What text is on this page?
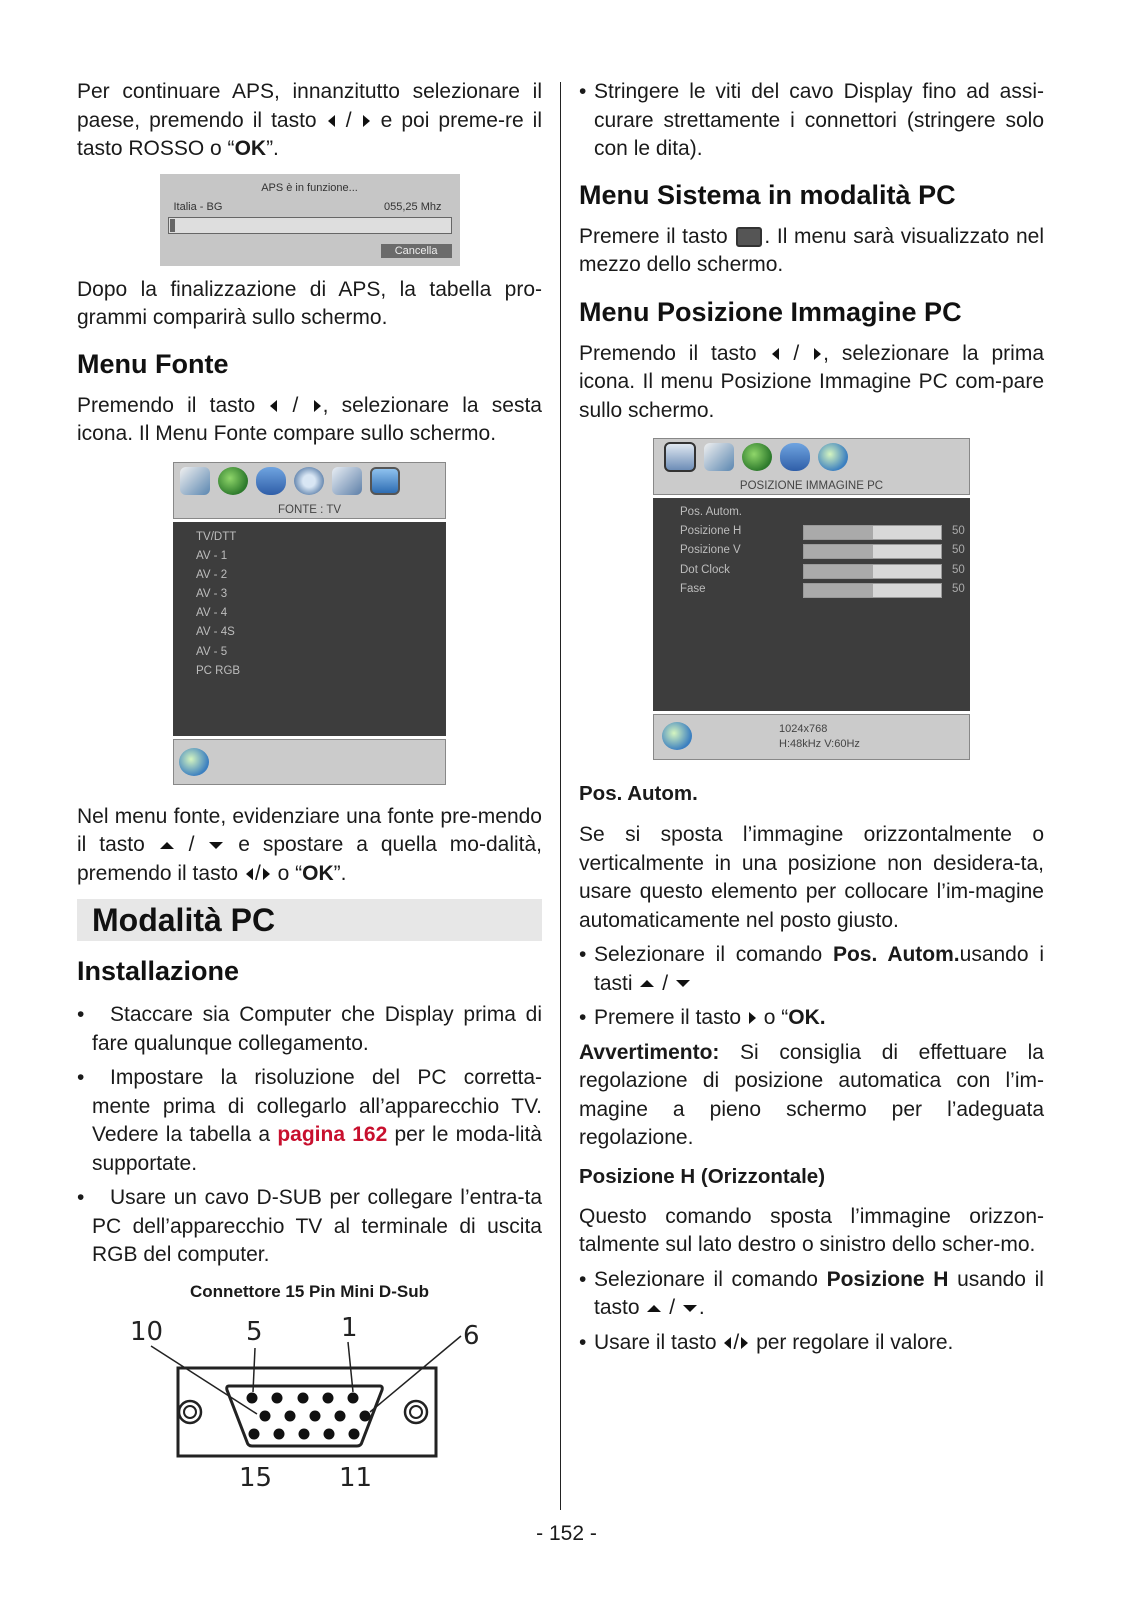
Per continuare APS, innanzitutto selezionare il paese, premendo il tasto  /  e poi preme-re il tasto ROSSO o “OK”.

APS è in funzione...
Italia - BG	055,25 Mhz
Cancella

Dopo la finalizzazione di APS, la tabella pro-grammi comparirà sullo schermo.

Menu Fonte

Premendo il tasto  / , selezionare la sesta icona. Il Menu Fonte compare sullo schermo.

FONTE : TV
TV/DTT
AV - 1
AV - 2
AV - 3
AV - 4
AV - 4S
AV - 5
PC RGB

Nel menu fonte, evidenziare una fonte pre-mendo il tasto  /  e spostare a quella mo-dalità, premendo il tasto / o “OK”.

Modalità PC
Installazione

• Staccare sia Computer che Display prima di fare qualunque collegamento.

• Impostare la risoluzione del PC corretta-mente prima di collegarlo all’apparecchio TV. Vedere la tabella a pagina 162 per le moda-lità supportate.

• Usare un cavo D-SUB per collegare l’entra-ta PC dell’apparecchio TV al terminale di uscita RGB del computer.

Connettore 15 Pin Mini D-Sub
10	5	1	6
15	11

• Stringere le viti del cavo Display fino ad assi-curare strettamente i connettori (stringere solo con le dita).

Menu Sistema in modalità PC

Premere il tasto . Il menu sarà visualizzato nel mezzo dello schermo.

Menu Posizione Immagine PC

Premendo il tasto  / , selezionare la prima icona. Il menu Posizione Immagine PC com-pare sullo schermo.

POSIZIONE IMMAGINE PC
Pos. Autom.
Posizione H	50
Posizione V	50
Dot Clock	50
Fase	50
1024x768
H:48kHz V:60Hz
Pos. Autom.

Se si sposta l’immagine orizzontalmente o verticalmente in una posizione non desidera-ta, usare questo elemento per collocare l’im-magine automaticamente nel posto giusto.

• Selezionare il comando Pos. Autom.usando i tasti  /

• Premere il tasto  o “OK.

Avvertimento: Si consiglia di effettuare la regolazione di posizione automatica con l’im-magine a pieno schermo per l’adeguata regolazione.

Posizione H (Orizzontale)

Questo comando sposta l’immagine orizzon-talmente sul lato destro o sinistro dello scher-mo.

• Selezionare il comando Posizione H usando il tasto  / .

• Usare il tasto / per regolare il valore.

- 152 -
